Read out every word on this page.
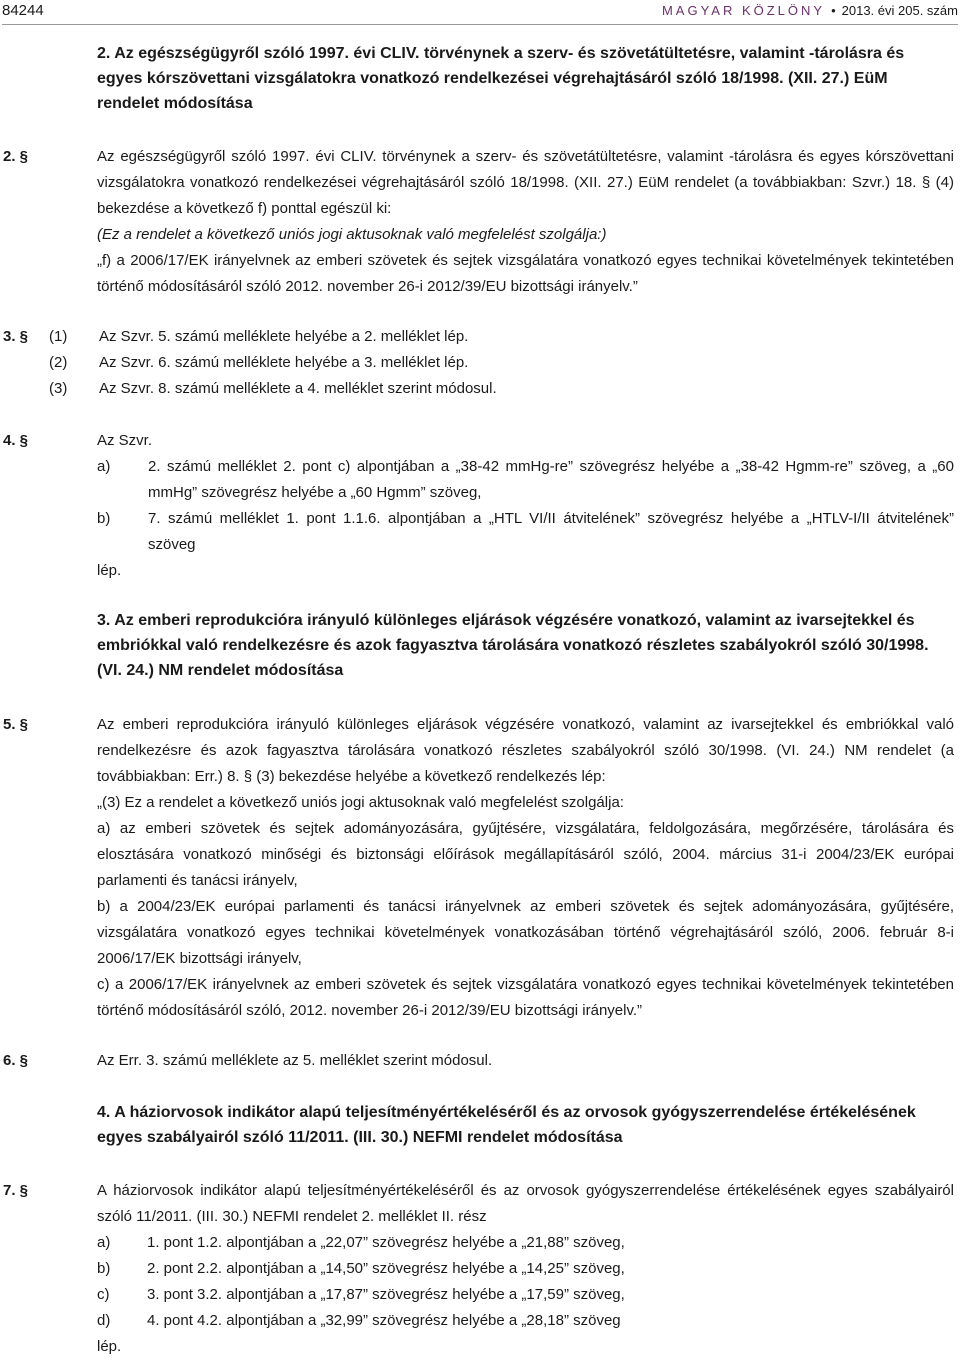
84244	MAGYAR KÖZLÖNY • 2013. évi 205. szám
2. Az egészségügyről szóló 1997. évi CLIV. törvénynek a szerv- és szövetátültetésre, valamint -tárolásra és egyes kórszövettani vizsgálatokra vonatkozó rendelkezései végrehajtásáról szóló 18/1998. (XII. 27.) EüM rendelet módosítása
2. §	Az egészségügyről szóló 1997. évi CLIV. törvénynek a szerv- és szövetátültetésre, valamint -tárolásra és egyes kórszövettani vizsgálatokra vonatkozó rendelkezései végrehajtásáról szóló 18/1998. (XII. 27.) EüM rendelet (a továbbiakban: Szvr.) 18. § (4) bekezdése a következő f) ponttal egészül ki:

(Ez a rendelet a következő uniós jogi aktusoknak való megfelelést szolgálja:)

„f) a 2006/17/EK irányelvnek az emberi szövetek és sejtek vizsgálatára vonatkozó egyes technikai követelmények tekintetében történő módosításáról szóló 2012. november 26-i 2012/39/EU bizottsági irányelv.”

3. §	(1)	Az Szvr. 5. számú melléklete helyébe a 2. melléklet lép.
(2)	Az Szvr. 6. számú melléklete helyébe a 3. melléklet lép.
(3)	Az Szvr. 8. számú melléklete a 4. melléklet szerint módosul.
4. §	Az Szvr.

a)	2. számú melléklet 2. pont c) alpontjában a „38-42 mmHg-re” szövegrész helyébe a „38-42 Hgmm-re” szöveg, a „60 mmHg” szövegrész helyébe a „60 Hgmm” szöveg,
b)	7. számú melléklet 1. pont 1.1.6. alpontjában a „HTL VI/II átvitelének” szövegrész helyébe a „HTLV-I/II átvitelének” szöveg

lép.

3. Az emberi reprodukcióra irányuló különleges eljárások végzésére vonatkozó, valamint az ivarsejtekkel és embriókkal való rendelkezésre és azok fagyasztva tárolására vonatkozó részletes szabályokról szóló 30/1998. (VI. 24.) NM rendelet módosítása
5. §	Az emberi reprodukcióra irányuló különleges eljárások végzésére vonatkozó, valamint az ivarsejtekkel és embriókkal való rendelkezésre és azok fagyasztva tárolására vonatkozó részletes szabályokról szóló 30/1998. (VI. 24.) NM rendelet (a továbbiakban: Err.) 8. § (3) bekezdése helyébe a következő rendelkezés lép:

„(3) Ez a rendelet a következő uniós jogi aktusoknak való megfelelést szolgálja:

a) az emberi szövetek és sejtek adományozására, gyűjtésére, vizsgálatára, feldolgozására, megőrzésére, tárolására és elosztására vonatkozó minőségi és biztonsági előírások megállapításáról szóló, 2004. március 31-i 2004/23/EK európai parlamenti és tanácsi irányelv,

b) a 2004/23/EK európai parlamenti és tanácsi irányelvnek az emberi szövetek és sejtek adományozására, gyűjtésére, vizsgálatára vonatkozó egyes technikai követelmények vonatkozásában történő végrehajtásáról szóló, 2006. február 8-i 2006/17/EK bizottsági irányelv,

c) a 2006/17/EK irányelvnek az emberi szövetek és sejtek vizsgálatára vonatkozó egyes technikai követelmények tekintetében történő módosításáról szóló, 2012. november 26-i 2012/39/EU bizottsági irányelv.”

6. §	Az Err. 3. számú melléklete az 5. melléklet szerint módosul.

4. A háziorvosok indikátor alapú teljesítményértékeléséről és az orvosok gyógyszerrendelése értékelésének egyes szabályairól szóló 11/2011. (III. 30.) NEFMI rendelet módosítása
7. §	A háziorvosok indikátor alapú teljesítményértékeléséről és az orvosok gyógyszerrendelése értékelésének egyes szabályairól szóló 11/2011. (III. 30.) NEFMI rendelet 2. melléklet II. rész

a)	1. pont 1.2. alpontjában a „22,07” szövegrész helyébe a „21,88” szöveg,
b)	2. pont 2.2. alpontjában a „14,50” szövegrész helyébe a „14,25” szöveg,
c)	3. pont 3.2. alpontjában a „17,87” szövegrész helyébe a „17,59” szöveg,
d)	4. pont 4.2. alpontjában a „32,99” szövegrész helyébe a „28,18” szöveg

lép.
